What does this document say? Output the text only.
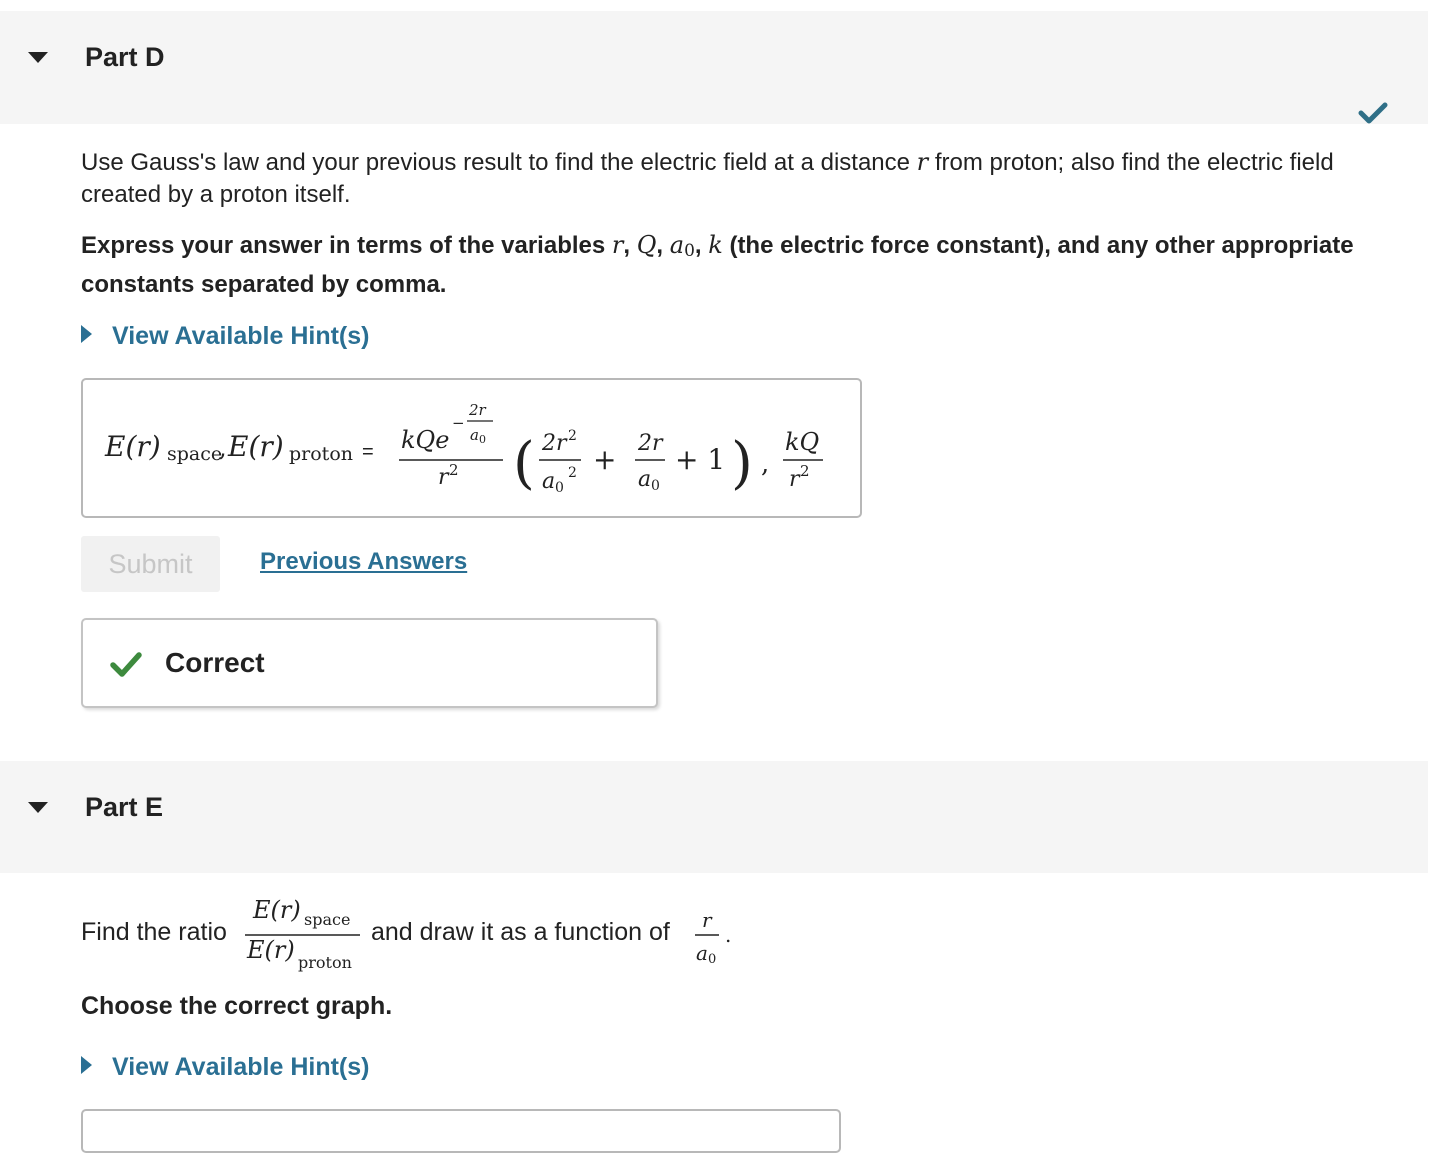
Part D
Use Gauss's law and your previous result to find the electric field at a distance r from proton; also find the electric field created by a proton itself.
Express your answer in terms of the variables r, Q, a0, k (the electric force constant), and any other appropriate constants separated by comma.
View Available Hint(s)
E(r) space
, E(r) proton = kQe
−
2r
a 0
r 2 ( 2r 2
a 0
2 + 2r
a 0
+ 1 ) ,
kQ
r 2
Submit	Previous Answers
Correct
Part E
Find the ratio
E(r) space
E(r) proton
r
a 0
.
and draw it as a function of
Choose the correct graph.
View Available Hint(s)
